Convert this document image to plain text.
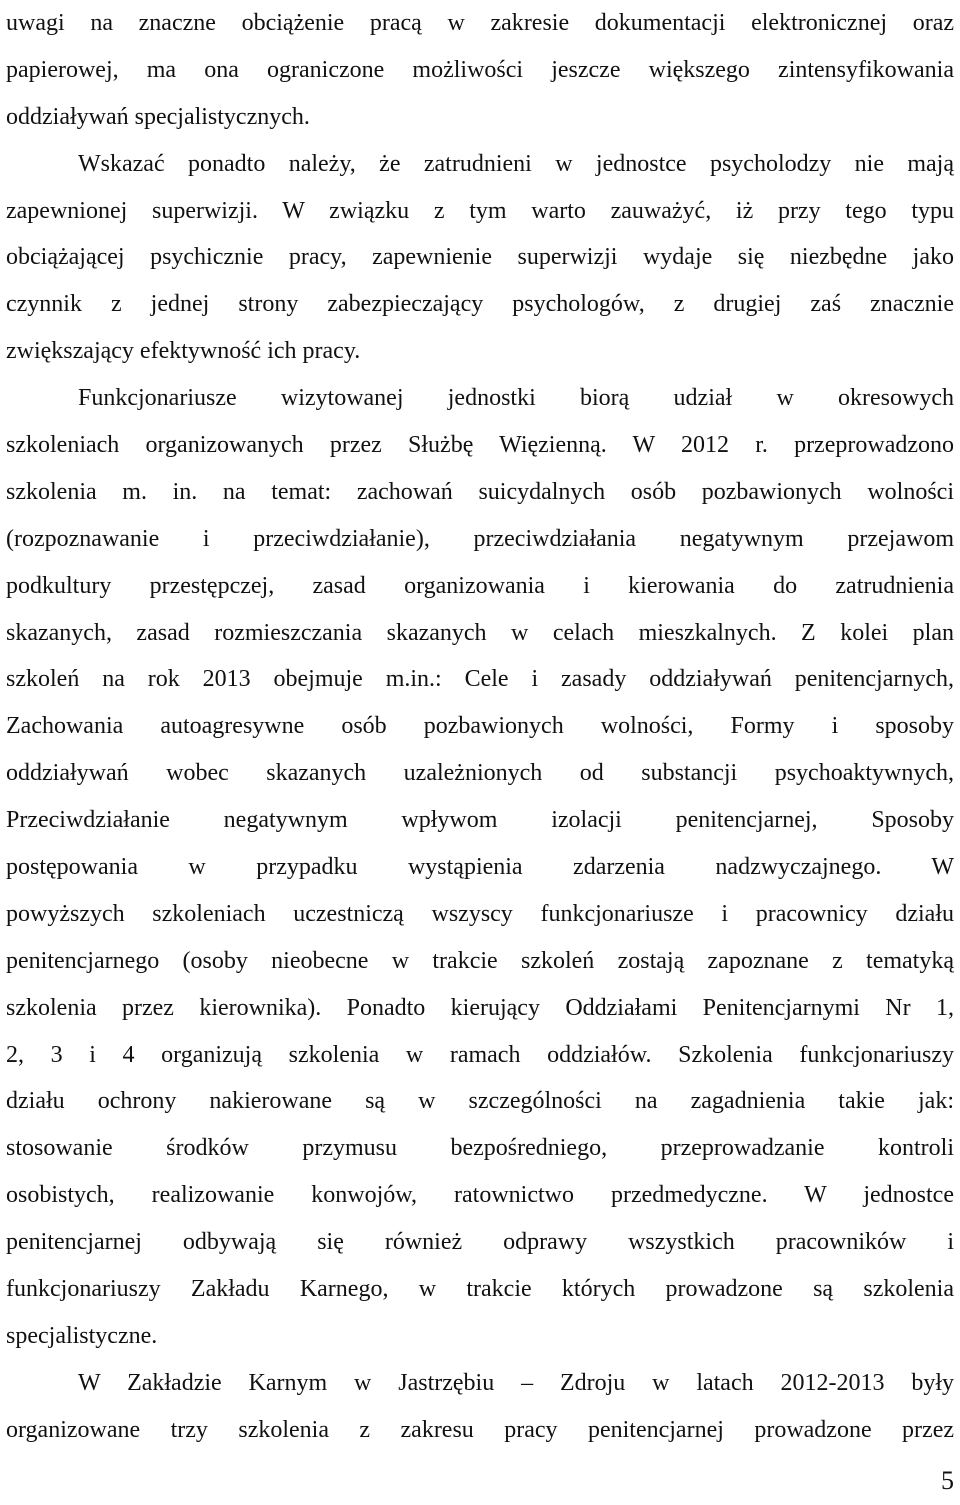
uwagi na znaczne obciążenie pracą w zakresie dokumentacji elektronicznej oraz
papierowej, ma ona ograniczone możliwości jeszcze większego zintensyfikowania
oddziaływań specjalistycznych.

Wskazać ponadto należy, że zatrudnieni w jednostce psycholodzy nie mają
zapewnionej superwizji. W związku z tym warto zauważyć, iż przy tego typu
obciążającej psychicznie pracy, zapewnienie superwizji wydaje się niezbędne jako
czynnik z jednej strony zabezpieczający psychologów, z drugiej zaś znacznie
zwiększający efektywność ich pracy.

Funkcjonariusze wizytowanej jednostki biorą udział w okresowych
szkoleniach organizowanych przez Służbę Więzienną. W 2012 r. przeprowadzono
szkolenia m. in. na temat: zachowań suicydalnych osób pozbawionych wolności
(rozpoznawanie i przeciwdziałanie), przeciwdziałania negatywnym przejawom
podkultury przestępczej, zasad organizowania i kierowania do zatrudnienia
skazanych, zasad rozmieszczania skazanych w celach mieszkalnych. Z kolei plan
szkoleń na rok 2013 obejmuje m.in.: Cele i zasady oddziaływań penitencjarnych,
Zachowania autoagresywne osób pozbawionych wolności, Formy i sposoby
oddziaływań wobec skazanych uzależnionych od substancji psychoaktywnych,
Przeciwdziałanie negatywnym wpływom izolacji penitencjarnej, Sposoby
postępowania w przypadku wystąpienia zdarzenia nadzwyczajnego. W
powyższych szkoleniach uczestniczą wszyscy funkcjonariusze i pracownicy działu
penitencjarnego (osoby nieobecne w trakcie szkoleń zostają zapoznane z tematyką
szkolenia przez kierownika). Ponadto kierujący Oddziałami Penitencjarnymi Nr 1,
2, 3 i 4 organizują szkolenia w ramach oddziałów. Szkolenia funkcjonariuszy
działu ochrony nakierowane są w szczególności na zagadnienia takie jak:
stosowanie środków przymusu bezpośredniego, przeprowadzanie kontroli
osobistych, realizowanie konwojów, ratownictwo przedmedyczne. W jednostce
penitencjarnej odbywają się również odprawy wszystkich pracowników i
funkcjonariuszy Zakładu Karnego, w trakcie których prowadzone są szkolenia
specjalistyczne.

W Zakładzie Karnym w Jastrzębiu – Zdroju w latach 2012-2013 były
organizowane trzy szkolenia z zakresu pracy penitencjarnej prowadzone przez

5
